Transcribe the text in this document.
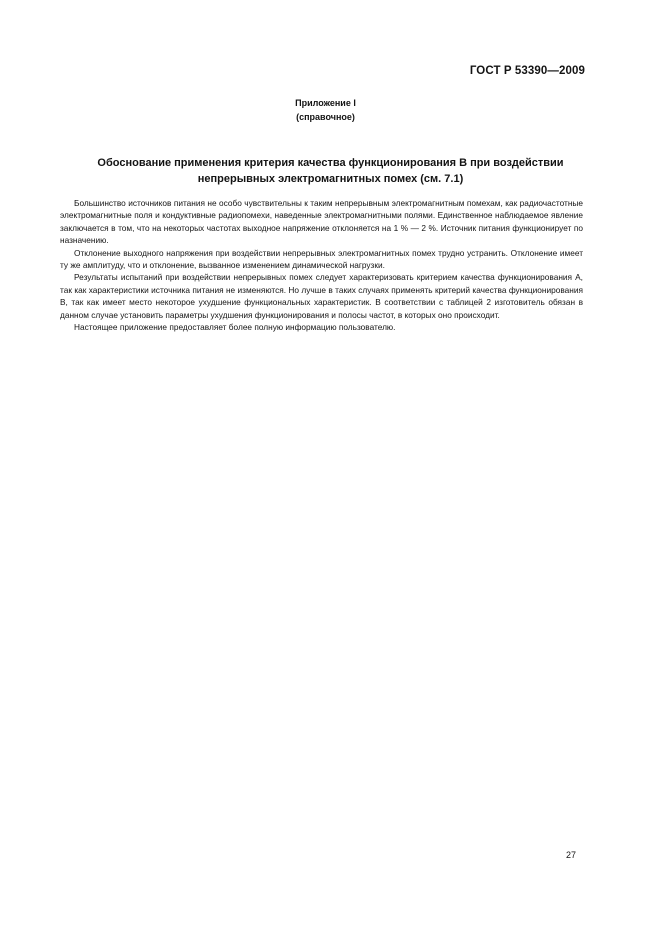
ГОСТ Р 53390—2009
Приложение I
(справочное)
Обоснование применения критерия качества функционирования В при воздействии
непрерывных электромагнитных помех (см. 7.1)

Большинство источников питания не особо чувствительны к таким непрерывным электромагнитным помехам, как радиочастотные электромагнитные поля и кондуктивные радиопомехи, наведенные электромагнитными полями. Единственное наблюдаемое явление заключается в том, что на некоторых частотах выходное напряжение отклоняется на 1 % — 2 %. Источник питания функционирует по назначению.

Отклонение выходного напряжения при воздействии непрерывных электромагнитных помех трудно устранить. Отклонение имеет ту же амплитуду, что и отклонение, вызванное изменением динамической нагрузки.

Результаты испытаний при воздействии непрерывных помех следует характеризовать критерием качества функционирования А, так как характеристики источника питания не изменяются. Но лучше в таких случаях применять критерий качества функционирования В, так как имеет место некоторое ухудшение функциональных характеристик. В соответствии с таблицей 2 изготовитель обязан в данном случае установить параметры ухудшения функционирования и полосы частот, в которых оно происходит.

Настоящее приложение предоставляет более полную информацию пользователю.

27
